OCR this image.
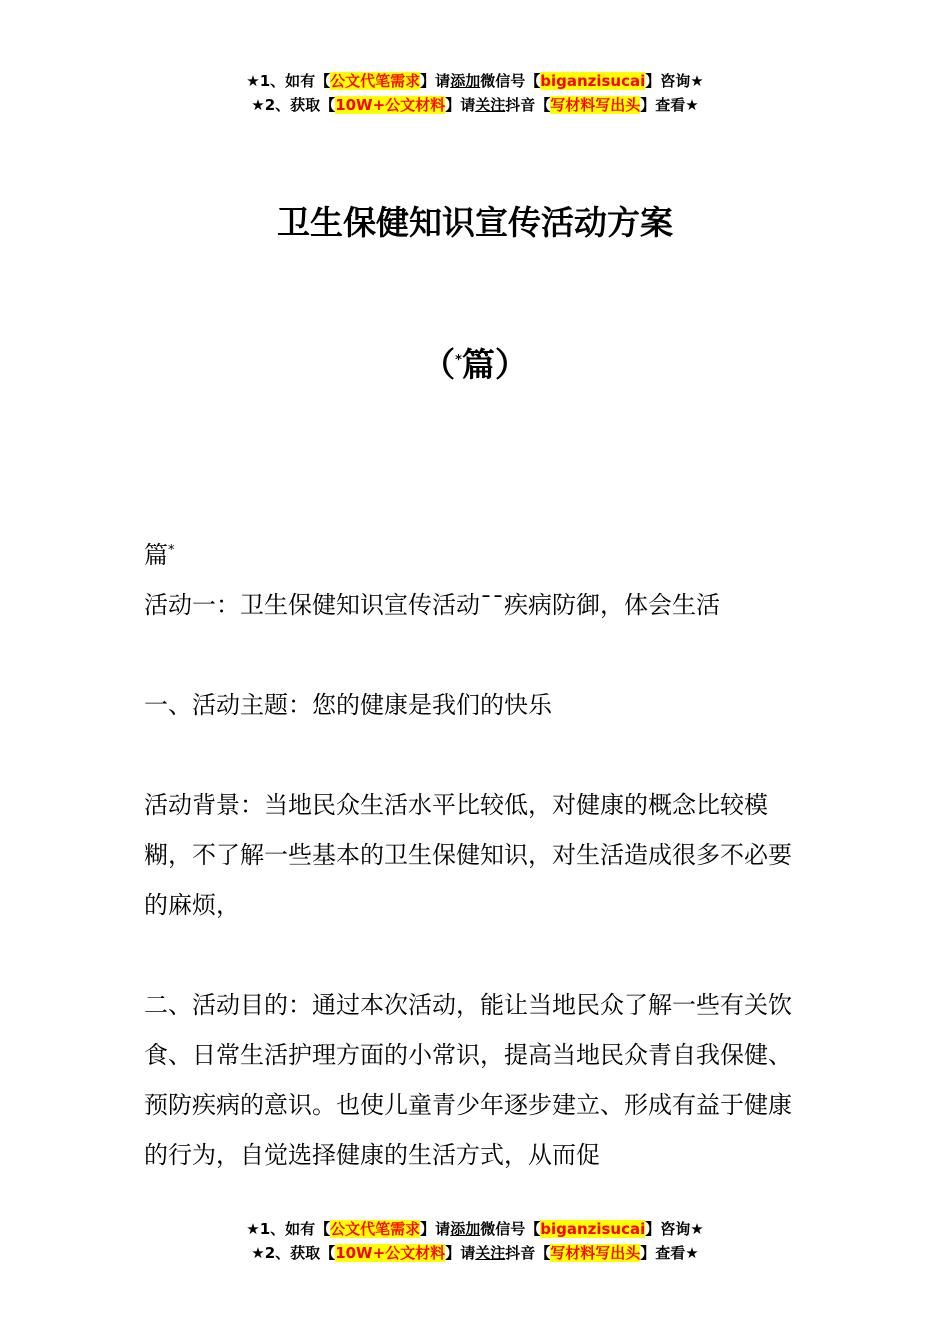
★1、如有【公文代笔需求】请添加微信号【biganzisucai】咨询★
★2、获取【10W+公文材料】请关注抖音【写材料写出头】查看★
卫生保健知识宣传活动方案
（*篇）

篇*

活动一：卫生保健知识宣传活动¯¯疾病防御，体会生活

一、活动主题：您的健康是我们的快乐

活动背景：当地民众生活水平比较低，对健康的概念比较模糊，不了解一些基本的卫生保健知识，对生活造成很多不必要的麻烦，

二、活动目的：通过本次活动，能让当地民众了解一些有关饮食、日常生活护理方面的小常识，提高当地民众青自我保健、预防疾病的意识。也使儿童青少年逐步建立、形成有益于健康的行为，自觉选择健康的生活方式，从而促

★1、如有【公文代笔需求】请添加微信号【biganzisucai】咨询★
★2、获取【10W+公文材料】请关注抖音【写材料写出头】查看★
